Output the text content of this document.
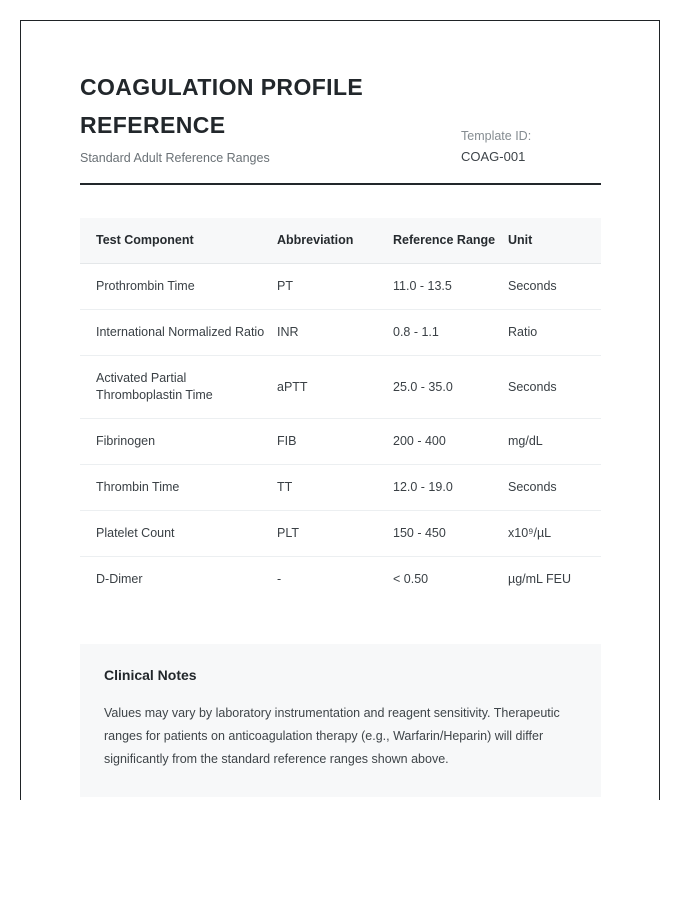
COAGULATION PROFILE REFERENCE

Standard Adult Reference Ranges

Template ID:
COAG-001
Test Component	Abbreviation	Reference Range	Unit
Prothrombin Time	PT	11.0 - 13.5	Seconds
International Normalized Ratio	INR	0.8 - 1.1	Ratio
Activated Partial Thromboplastin Time	aPTT	25.0 - 35.0	Seconds
Fibrinogen	FIB	200 - 400	mg/dL
Thrombin Time	TT	12.0 - 19.0	Seconds
Platelet Count	PLT	150 - 450	x10⁹/µL
D-Dimer	-	< 0.50	µg/mL FEU
Clinical Notes

Values may vary by laboratory instrumentation and reagent sensitivity. Therapeutic ranges for patients on anticoagulation therapy (e.g., Warfarin/Heparin) will differ significantly from the standard reference ranges shown above.
